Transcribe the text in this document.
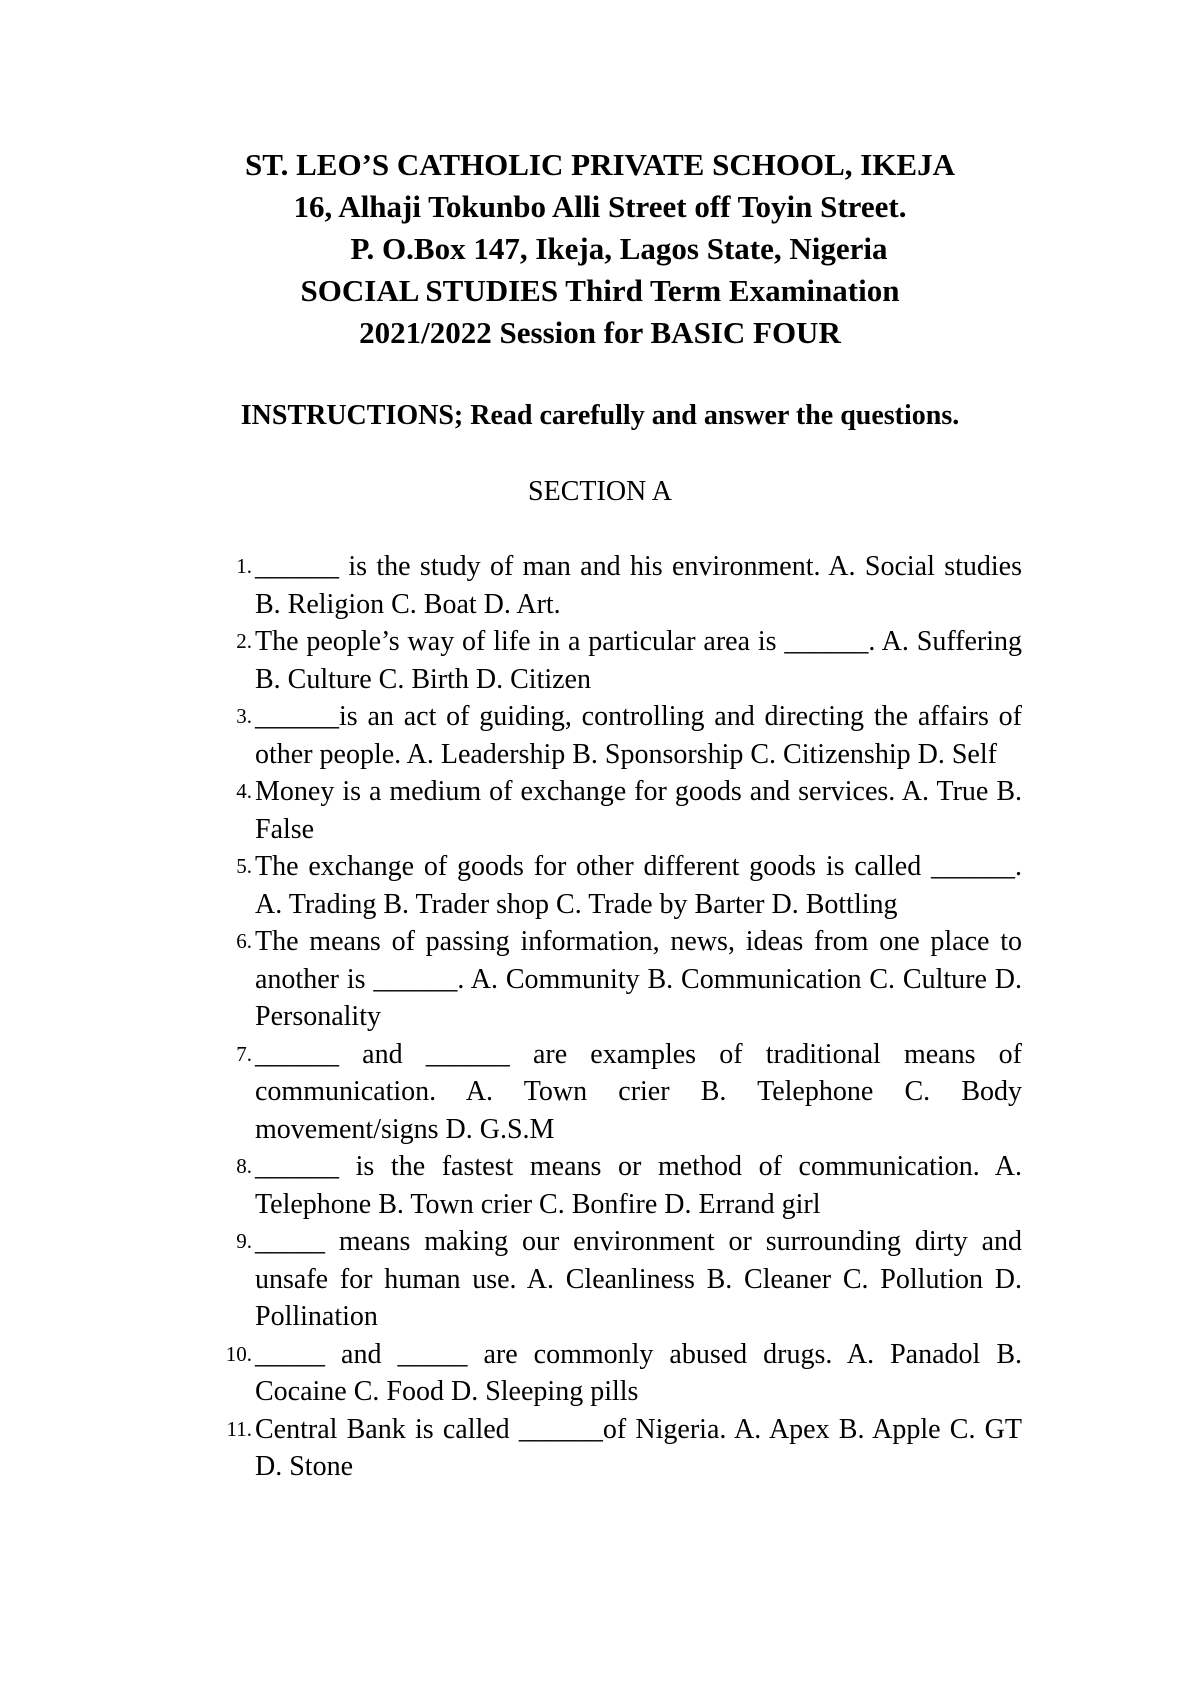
ST. LEO’S CATHOLIC PRIVATE SCHOOL, IKEJA
16, Alhaji Tokunbo Alli Street off Toyin Street.
P. O.Box 147, Ikeja, Lagos State, Nigeria
SOCIAL STUDIES Third Term Examination
2021/2022 Session for BASIC FOUR
INSTRUCTIONS; Read carefully and answer the questions.
SECTION A
1. ______ is the study of man and his environment. A. Social studies B. Religion C. Boat D. Art.
2. The people’s way of life in a particular area is ______. A. Suffering B. Culture C. Birth D. Citizen
3. ______is an act of guiding, controlling and directing the affairs of other people. A. Leadership B. Sponsorship C. Citizenship D. Self
4. Money is a medium of exchange for goods and services. A. True B. False
5. The exchange of goods for other different goods is called ______. A. Trading B. Trader shop C. Trade by Barter D. Bottling
6. The means of passing information, news, ideas from one place to another is ______. A. Community B. Communication C. Culture D. Personality
7. ______ and ______ are examples of traditional means of communication. A. Town crier B. Telephone C. Body movement/signs D. G.S.M
8. ______ is the fastest means or method of communication. A. Telephone B. Town crier C. Bonfire D. Errand girl
9. _____ means making our environment or surrounding dirty and unsafe for human use. A. Cleanliness B. Cleaner C. Pollution D. Pollination
10. _____ and _____ are commonly abused drugs. A. Panadol B. Cocaine C. Food D. Sleeping pills
11. Central Bank is called ______of Nigeria. A. Apex B. Apple C. GT D. Stone
